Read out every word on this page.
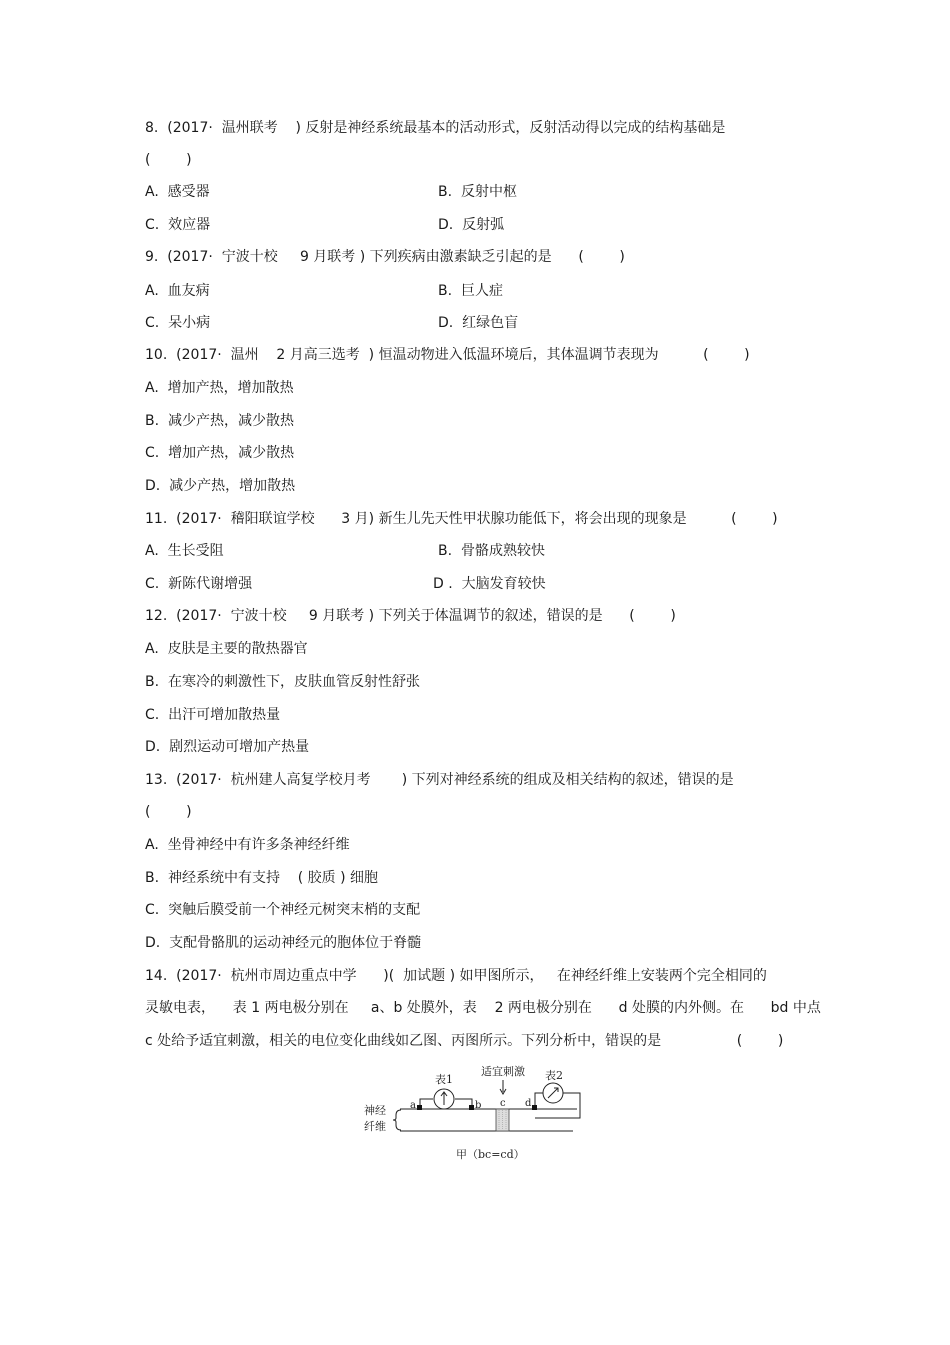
8.  (2017·  温州联考    ) 反射是神经系统最基本的活动形式，反射活动得以完成的结构基础是
(        )
A.  感受器	B.  反射中枢
C.  效应器	D.  反射弧
9.  (2017·  宁波十校     9 月联考 ) 下列疾病由激素缺乏引起的是      (        )
A.  血友病	B.  巨人症
C.  呆小病	D.  红绿色盲
10.  (2017·  温州    2 月高三选考  ) 恒温动物进入低温环境后，其体温调节表现为          (        )
A.  增加产热，增加散热
B.  减少产热，减少散热
C.  增加产热，减少散热
D.  减少产热，增加散热
11.  (2017·  稽阳联谊学校      3 月) 新生儿先天性甲状腺功能低下，将会出现的现象是          (        )
A.  生长受阻	B.  骨骼成熟较快
C.  新陈代谢增强	D .  大脑发育较快
12.  (2017·  宁波十校     9 月联考 ) 下列关于体温调节的叙述，错误的是      (        )
A.  皮肤是主要的散热器官
B.  在寒冷的刺激性下，皮肤血管反射性舒张
C.  出汗可增加散热量
D.  剧烈运动可增加产热量
13.  (2017·  杭州建人高复学校月考       ) 下列对神经系统的组成及相关结构的叙述，错误的是
(        )
A.  坐骨神经中有许多条神经纤维
B.  神经系统中有支持    ( 胶质 ) 细胞
C.  突触后膜受前一个神经元树突末梢的支配
D.  支配骨骼肌的运动神经元的胞体位于脊髓
14.  (2017·  杭州市周边重点中学      )(  加试题 ) 如甲图所示，   在神经纤维上安装两个完全相同的
灵敏电表，    表 1 两电极分别在     a、b 处膜外，表    2 两电极分别在      d 处膜的内外侧。在      bd 中点
c 处给予适宜刺激，相关的电位变化曲线如乙图、丙图所示。下列分析中，错误的是                 (        )
表1	表2
适宜刺激
a	b c d
神经
纤维
甲（bc=cd）
